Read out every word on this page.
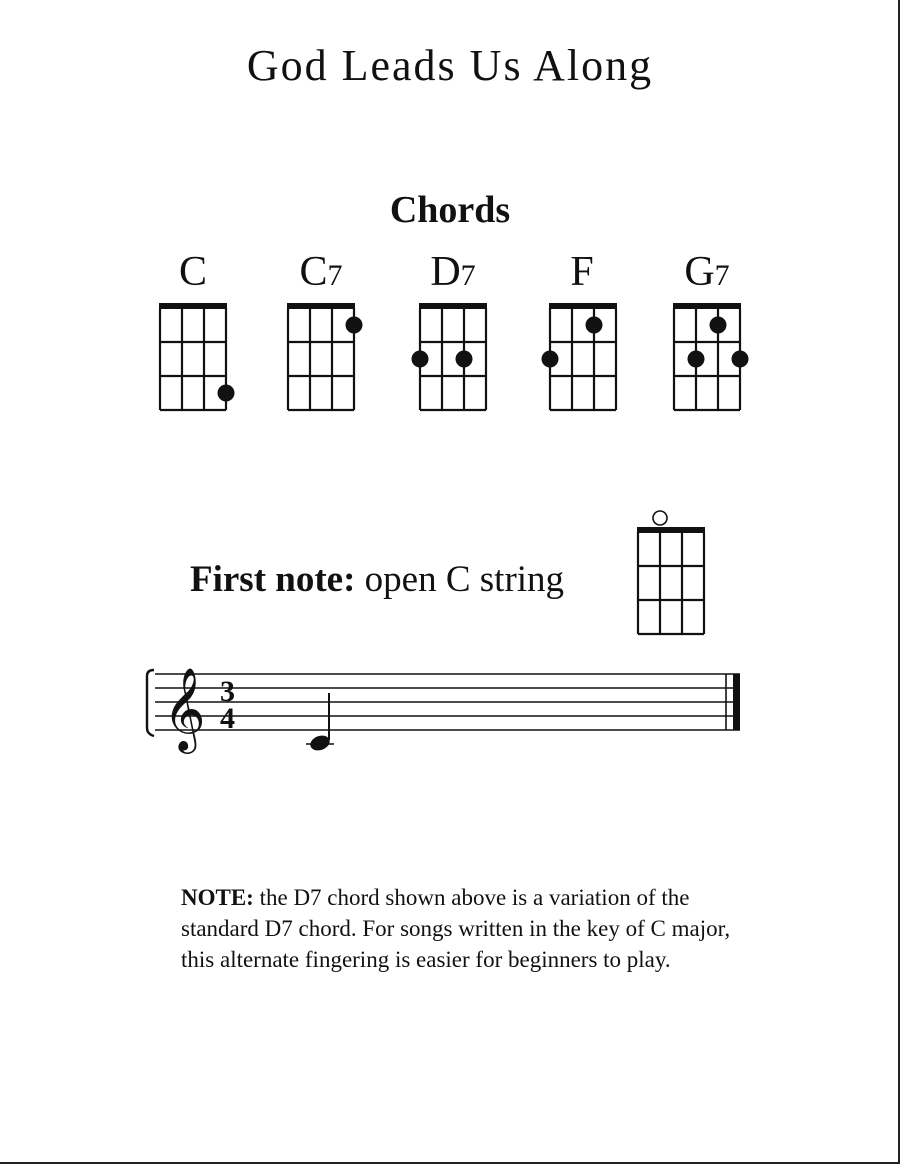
God Leads Us Along
Chords
C	C7	D7	F	G7
First note: open C string
𝄞 3
4
NOTE: the D7 chord shown above is a variation of the standard D7 chord. For songs written in the key of C major, this alternate fingering is easier for beginners to play.
